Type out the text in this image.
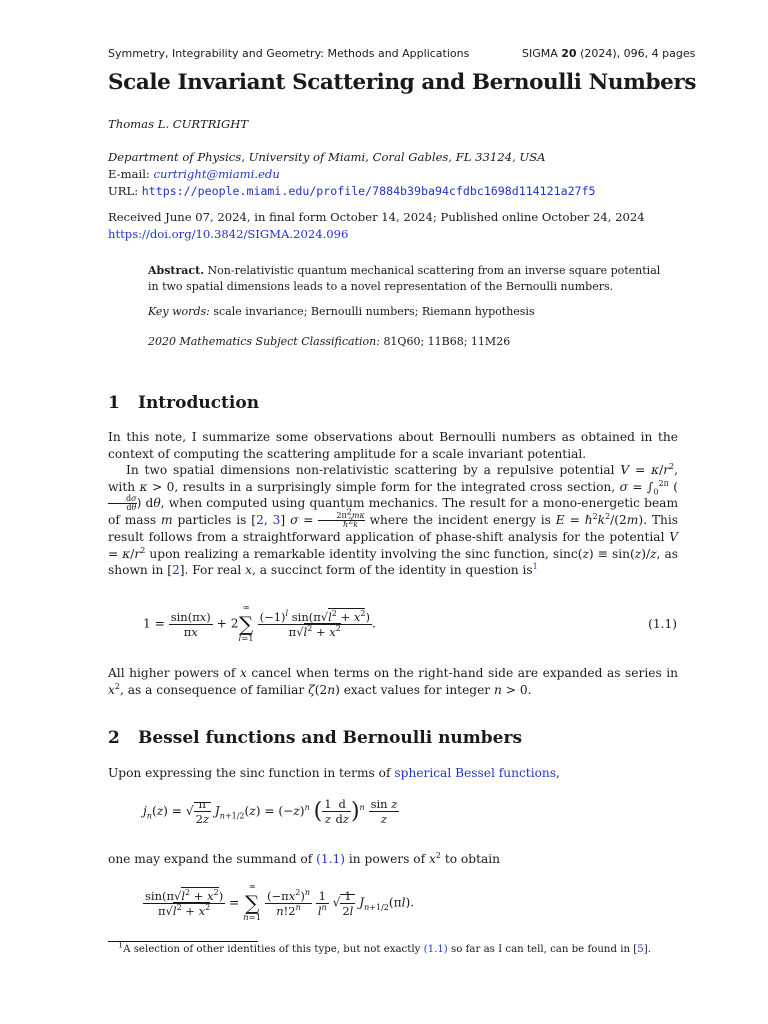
Symmetry, Integrability and Geometry: Methods and Applications	SIGMA 20 (2024), 096, 4 pages
Scale Invariant Scattering and Bernoulli Numbers
Thomas L. CURTRIGHT
Department of Physics, University of Miami, Coral Gables, FL 33124, USA
E-mail: curtright@miami.edu
URL: https://people.miami.edu/profile/7884b39ba94cfdbc1698d114121a27f5
Received June 07, 2024, in final form October 14, 2024; Published online October 24, 2024
https://doi.org/10.3842/SIGMA.2024.096
Abstract. Non-relativistic quantum mechanical scattering from an inverse square potential
in two spatial dimensions leads to a novel representation of the Bernoulli numbers.
Key words: scale invariance; Bernoulli numbers; Riemann hypothesis
2020 Mathematics Subject Classification: 81Q60; 11B68; 11M26
1 Introduction

In this note, I summarize some observations about Bernoulli numbers as obtained in the context of computing the scattering amplitude for a scale invariant potential.

In two spatial dimensions non-relativistic scattering by a repulsive potential $V = \kappa/r^2$, with κ > 0, results in a surprisingly simple form for the integrated cross section, $\sigma = \int_0^{2\pi}$ (
$\frac{d\sigma}{d\theta}$ ) dθ, when computed using quantum mechanics. The result for a mono-energetic beam of mass m particles is [2, 3] σ =	$2\pi^2m\kappa$
ℏ$^2$k where the incident energy is $E = \hbar^2k^2/(2m)$. This result follows from a straightforward application of phase-shift analysis for the potential $V = \kappa/r^2$ upon realizing a remarkable identity involving the sinc function, sinc(z) ≡ sin(z)/z, as shown in [2]. For real x, a succinct form of the identity in question $is^1$

$1 = \frac{\sin(\pi x)}{\pi x} + 2$
∞
∑
l=1

$\frac{(-1)^l \sin(\pi√l^2 + x^2)}{\pi√l^2 + x^2}$ .	(1.1)

All higher powers of x cancel when terms on the right-hand side are expanded as series in $x^2$, as a consequence of familiar ζ(2n) exact values for integer n > 0.

2 Bessel functions and Bernoulli numbers

Upon expressing the sinc function in terms of spherical Bessel functions,

$j_n(z)$ = √ $\frac{\pi}{2z} J_{n+1/2}(z) = (-z)^n$ ( $\frac{1}{z} \frac{d}{dz} )^n \frac{\text{sin z}}{z}$

one may expand the summand of (1.1) in powers of $x^2$ to obtain

$\frac{\sin(\pi√l^2 + x^2)}{\pi√l^2 + x^2}$ =
∞
∑
n=1

$\frac{(-\pi x^2)^n}{n!2^n}$
$\frac{1}{l^n}$ √ $\frac{1}{2l} J_{n+1/2}(\pi l)$.
$^1$A selection of other identities of this type, but not exactly (1.1) so far as I can tell, can be found in [5].
